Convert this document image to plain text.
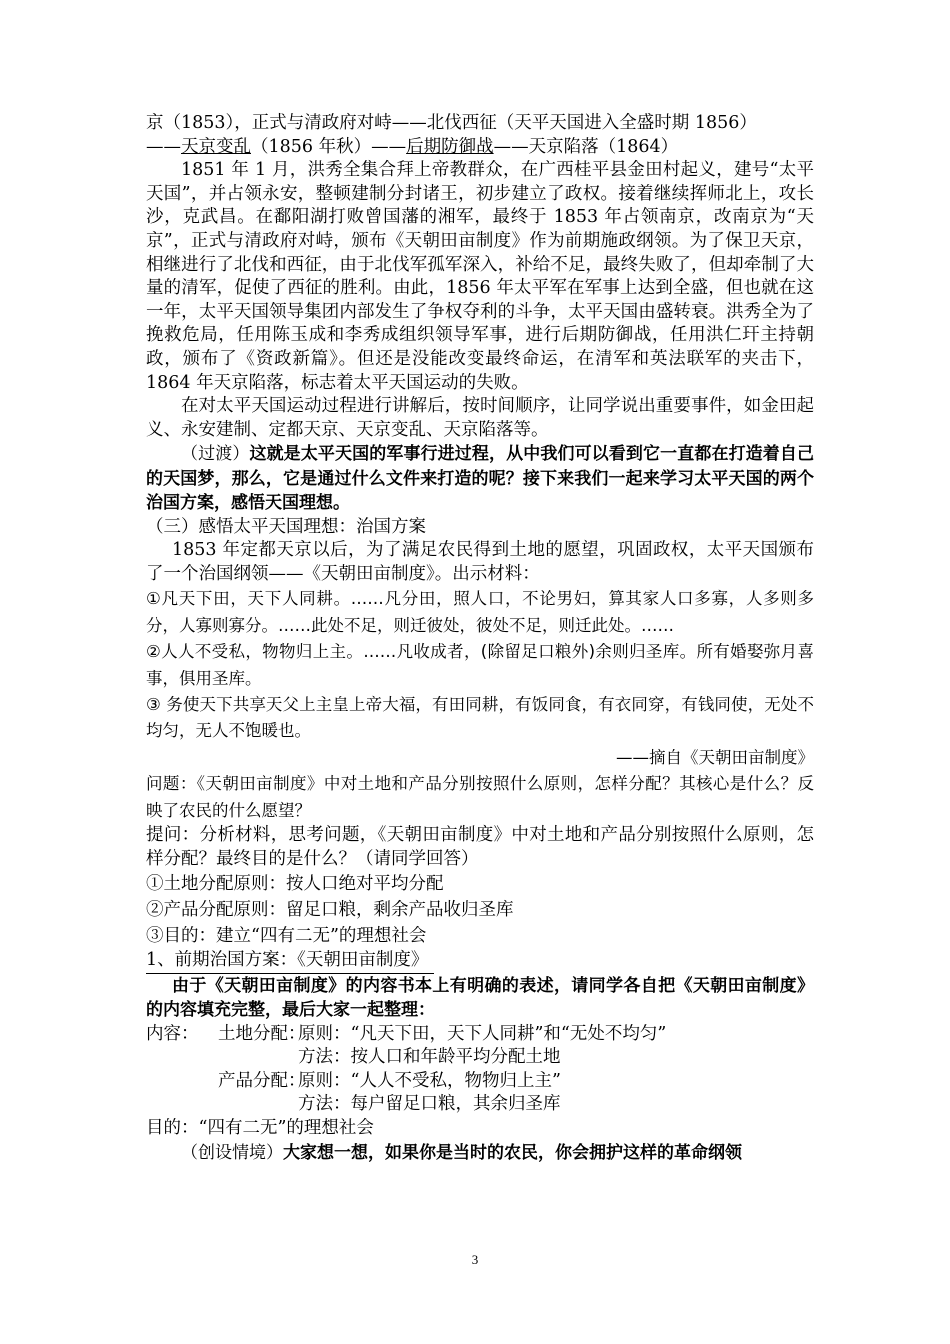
京（1853），正式与清政府对峙——北伐西征（天平天国进入全盛时期 1856）

——天京变乱（1856 年秋）——后期防御战——天京陷落（1864）

1851 年 1 月，洪秀全集合拜上帝教群众，在广西桂平县金田村起义，建号“太平天国”，并占领永安，整顿建制分封诸王，初步建立了政权。接着继续挥师北上，攻长沙，克武昌。在鄱阳湖打败曾国藩的湘军，最终于 1853 年占领南京，改南京为“天京”，正式与清政府对峙，颁布《天朝田亩制度》作为前期施政纲领。为了保卫天京，相继进行了北伐和西征，由于北伐军孤军深入，补给不足，最终失败了，但却牵制了大量的清军，促使了西征的胜利。由此，1856 年太平军在军事上达到全盛，但也就在这一年，太平天国领导集团内部发生了争权夺利的斗争，太平天国由盛转衰。洪秀全为了挽救危局，任用陈玉成和李秀成组织领导军事，进行后期防御战，任用洪仁玕主持朝政，颁布了《资政新篇》。但还是没能改变最终命运，在清军和英法联军的夹击下，1864 年天京陷落，标志着太平天国运动的失败。

在对太平天国运动过程进行讲解后，按时间顺序，让同学说出重要事件，如金田起义、永安建制、定都天京、天京变乱、天京陷落等。

（过渡）这就是太平天国的军事行进过程，从中我们可以看到它一直都在打造着自己的天国梦，那么，它是通过什么文件来打造的呢？接下来我们一起来学习太平天国的两个治国方案，感悟天国理想。

（三）感悟太平天国理想：治国方案

1853 年定都天京以后，为了满足农民得到土地的愿望，巩固政权，太平天国颁布了一个治国纲领——《天朝田亩制度》。出示材料：

①凡天下田，天下人同耕。……凡分田，照人口，不论男妇，算其家人口多寡，人多则多分，人寡则寡分。……此处不足，则迁彼处，彼处不足，则迁此处。……

②人人不受私，物物归上主。……凡收成者，(除留足口粮外)余则归圣库。所有婚娶弥月喜事，俱用圣库。

③ 务使天下共享天父上主皇上帝大福，有田同耕，有饭同食，有衣同穿，有钱同使，无处不均匀，无人不饱暖也。

——摘自《天朝田亩制度》

问题：《天朝田亩制度》中对土地和产品分别按照什么原则，怎样分配？其核心是什么？反映了农民的什么愿望？

提问：分析材料，思考问题，《天朝田亩制度》中对土地和产品分别按照什么原则，怎样分配？最终目的是什么？（请同学回答）

①土地分配原则：按人口绝对平均分配

②产品分配原则：留足口粮，剩余产品收归圣库

③目的：建立“四有二无”的理想社会

1、前期治国方案：《天朝田亩制度》

由于《天朝田亩制度》的内容书本上有明确的表述，请同学各自把《天朝田亩制度》的内容填充完整，最后大家一起整理：

内容：	土地分配：
原则：“凡天下田，天下人同耕”和“无处不均匀”
方法：按人口和年龄平均分配土地
产品分配：
原则：“人人不受私，物物归上主”
方法：每户留足口粮，其余归圣库

目的：“四有二无”的理想社会

（创设情境）大家想一想，如果你是当时的农民，你会拥护这样的革命纲领

3
